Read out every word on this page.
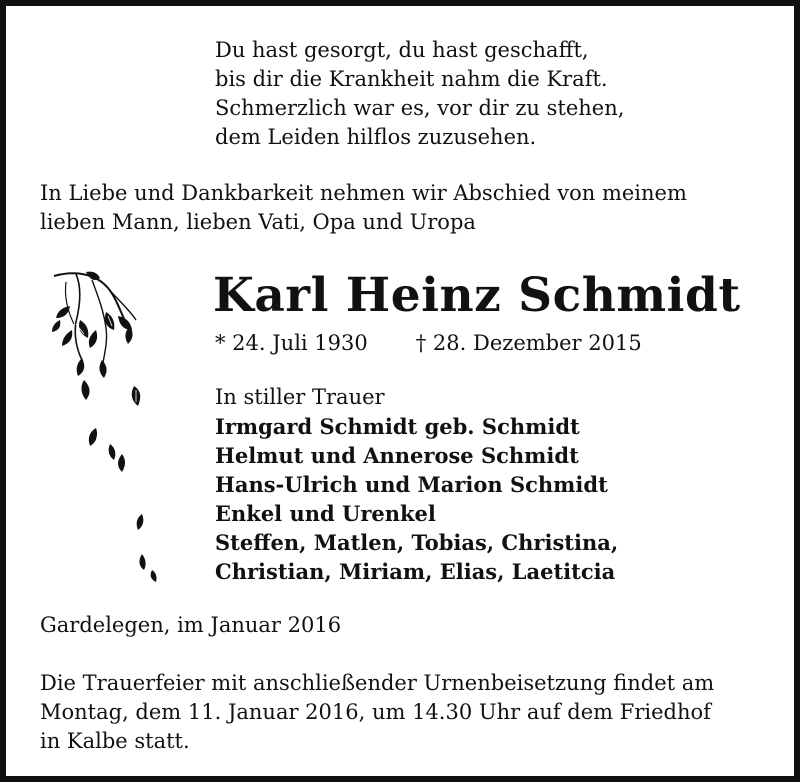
Du hast gesorgt, du hast geschafft,
bis dir die Krankheit nahm die Kraft.
Schmerzlich war es, vor dir zu stehen,
dem Leiden hilflos zuzusehen.
In Liebe und Dankbarkeit nehmen wir Abschied von meinem
lieben Mann, lieben Vati, Opa und Uropa
Karl Heinz Schmidt
* 24. Juli 1930 † 28. Dezember 2015
In stiller Trauer
Irmgard Schmidt geb. Schmidt
Helmut und Annerose Schmidt
Hans-Ulrich und Marion Schmidt
Enkel und Urenkel
Steffen, Matlen, Tobias, Christina,
Christian, Miriam, Elias, Laetitcia
Gardelegen, im Januar 2016
Die Trauerfeier mit anschließender Urnenbeisetzung findet am
Montag, dem 11. Januar 2016, um 14.30 Uhr auf dem Friedhof
in Kalbe statt.
